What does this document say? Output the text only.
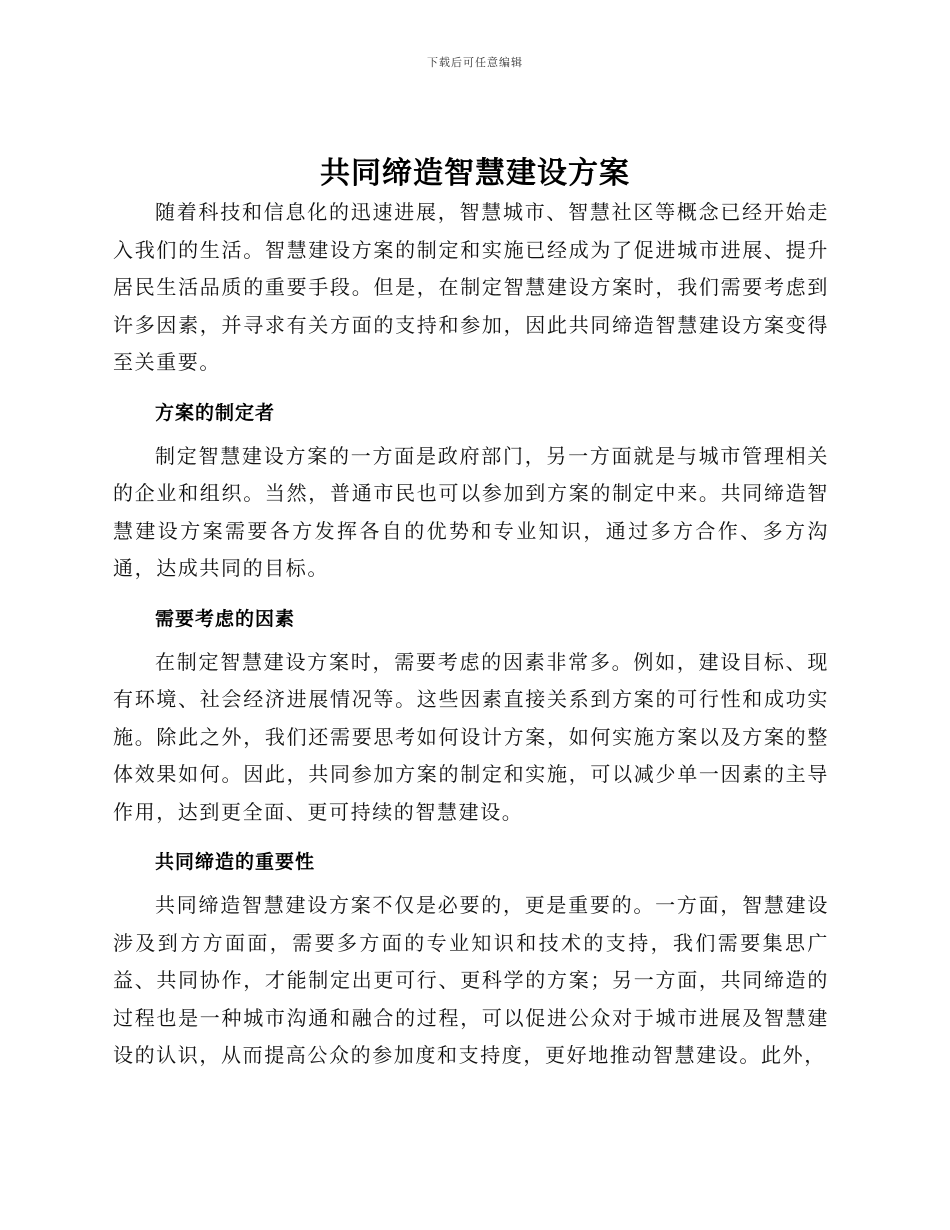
下载后可任意编辑
共同缔造智慧建设方案

随着科技和信息化的迅速进展，智慧城市、智慧社区等概念已经开始走入我们的生活。智慧建设方案的制定和实施已经成为了促进城市进展、提升居民生活品质的重要手段。但是，在制定智慧建设方案时，我们需要考虑到许多因素，并寻求有关方面的支持和参加，因此共同缔造智慧建设方案变得至关重要。

方案的制定者

制定智慧建设方案的一方面是政府部门，另一方面就是与城市管理相关的企业和组织。当然，普通市民也可以参加到方案的制定中来。共同缔造智慧建设方案需要各方发挥各自的优势和专业知识，通过多方合作、多方沟通，达成共同的目标。

需要考虑的因素

在制定智慧建设方案时，需要考虑的因素非常多。例如，建设目标、现有环境、社会经济进展情况等。这些因素直接关系到方案的可行性和成功实施。除此之外，我们还需要思考如何设计方案，如何实施方案以及方案的整体效果如何。因此，共同参加方案的制定和实施，可以减少单一因素的主导作用，达到更全面、更可持续的智慧建设。

共同缔造的重要性

共同缔造智慧建设方案不仅是必要的，更是重要的。一方面，智慧建设涉及到方方面面，需要多方面的专业知识和技术的支持，我们需要集思广益、共同协作，才能制定出更可行、更科学的方案；另一方面，共同缔造的过程也是一种城市沟通和融合的过程，可以促进公众对于城市进展及智慧建设的认识，从而提高公众的参加度和支持度，更好地推动智慧建设。此外，
